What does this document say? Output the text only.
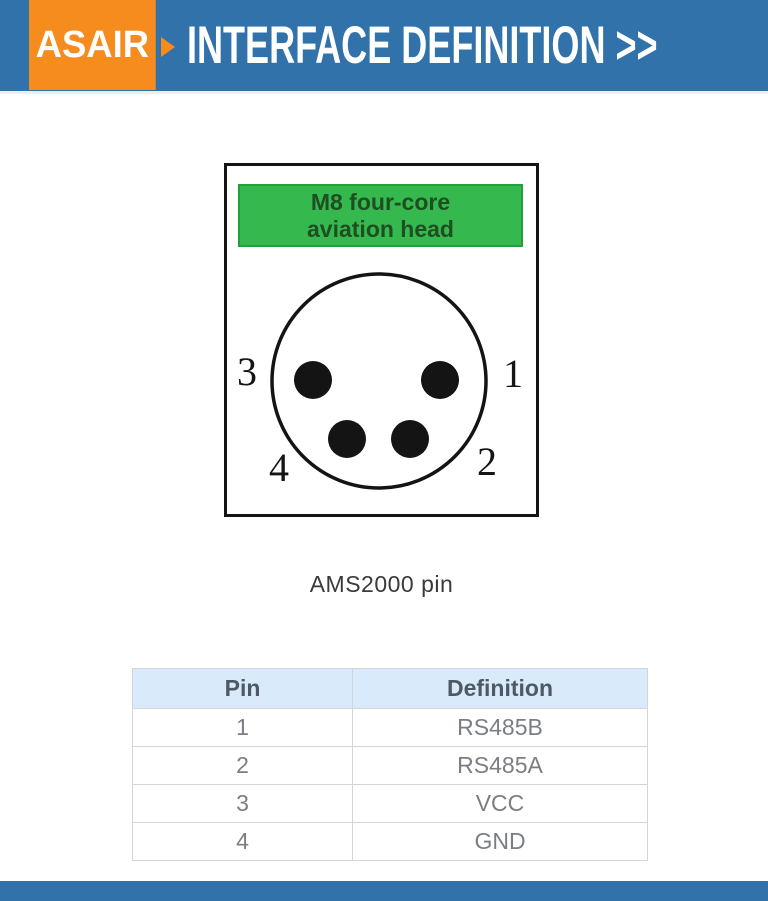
ASAIR INTERFACE DEFINITION >>
M8 four-core
aviation head
3	1
4	2
AMS2000 pin
Pin	Definition
1	RS485B
2	RS485A
3	VCC
4	GND
